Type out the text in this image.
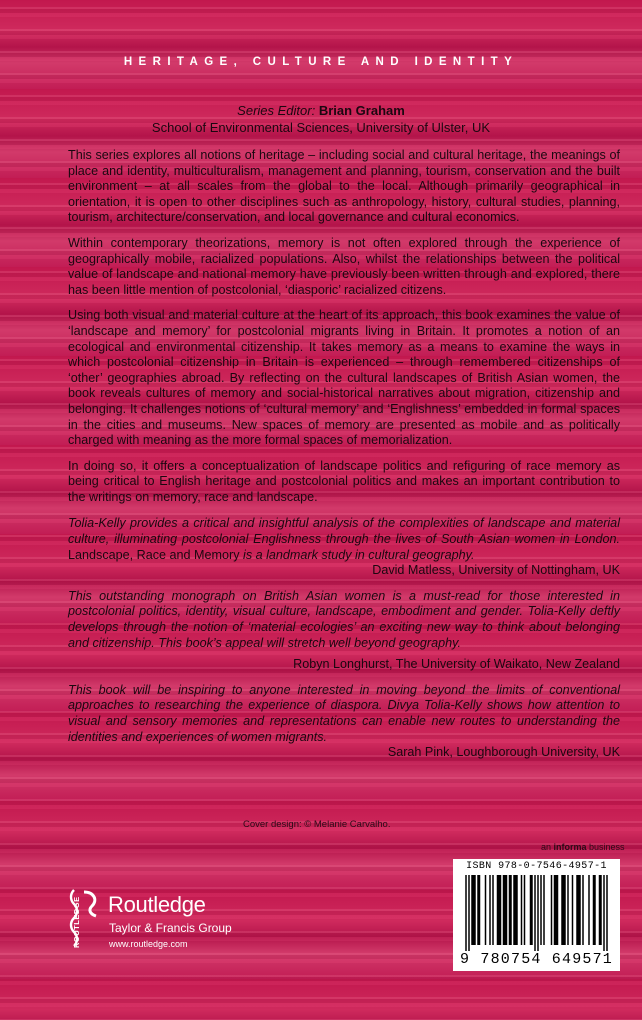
HERITAGE, CULTURE AND IDENTITY
Series Editor: Brian Graham
School of Environmental Sciences, University of Ulster, UK

This series explores all notions of heritage – including social and cultural heritage, the meanings of place and identity, multiculturalism, management and planning, tourism, conservation and the built environment – at all scales from the global to the local. Although primarily geographical in orientation, it is open to other disciplines such as anthropology, history, cultural studies, planning, tourism, architecture/conservation, and local governance and cultural economics.

Within contemporary theorizations, memory is not often explored through the experience of geographically mobile, racialized populations. Also, whilst the relationships between the political value of landscape and national memory have previously been written through and explored, there has been little mention of postcolonial, ‘diasporic’ racialized citizens.

Using both visual and material culture at the heart of its approach, this book examines the value of ‘landscape and memory’ for postcolonial migrants living in Britain. It promotes a notion of an ecological and environmental citizenship. It takes memory as a means to examine the ways in which postcolonial citizenship in Britain is experienced – through remembered citizenships of ‘other’ geographies abroad. By reflecting on the cultural landscapes of British Asian women, the book reveals cultures of memory and social-historical narratives about migration, citizenship and belonging. It challenges notions of ‘cultural memory’ and ‘Englishness’ embedded in formal spaces in the cities and museums. New spaces of memory are presented as mobile and as politically charged with meaning as the more formal spaces of memorialization.

In doing so, it offers a conceptualization of landscape politics and refiguring of race memory as being critical to English heritage and postcolonial politics and makes an important contribution to the writings on memory, race and landscape.

Tolia-Kelly provides a critical and insightful analysis of the complexities of landscape and material culture, illuminating postcolonial Englishness through the lives of South Asian women in London. Landscape, Race and Memory is a landmark study in cultural geography.

David Matless, University of Nottingham, UK

This outstanding monograph on British Asian women is a must-read for those interested in postcolonial politics, identity, visual culture, landscape, embodiment and gender. Tolia-Kelly deftly develops through the notion of ‘material ecologies’ an exciting new way to think about belonging and citizenship. This book’s appeal will stretch well beyond geography.

Robyn Longhurst, The University of Waikato, New Zealand

This book will be inspiring to anyone interested in moving beyond the limits of conventional approaches to researching the experience of diaspora. Divya Tolia-Kelly shows how attention to visual and sensory memories and representations can enable new routes to understanding the identities and experiences of women migrants.

Sarah Pink, Loughborough University, UK

Cover design: © Melanie Carvalho.
an informa business
ROUTLEDGE Routledge
Taylor & Francis Group
www.routledge.com
ISBN 978-0-7546-4957-1
9 780754 649571
